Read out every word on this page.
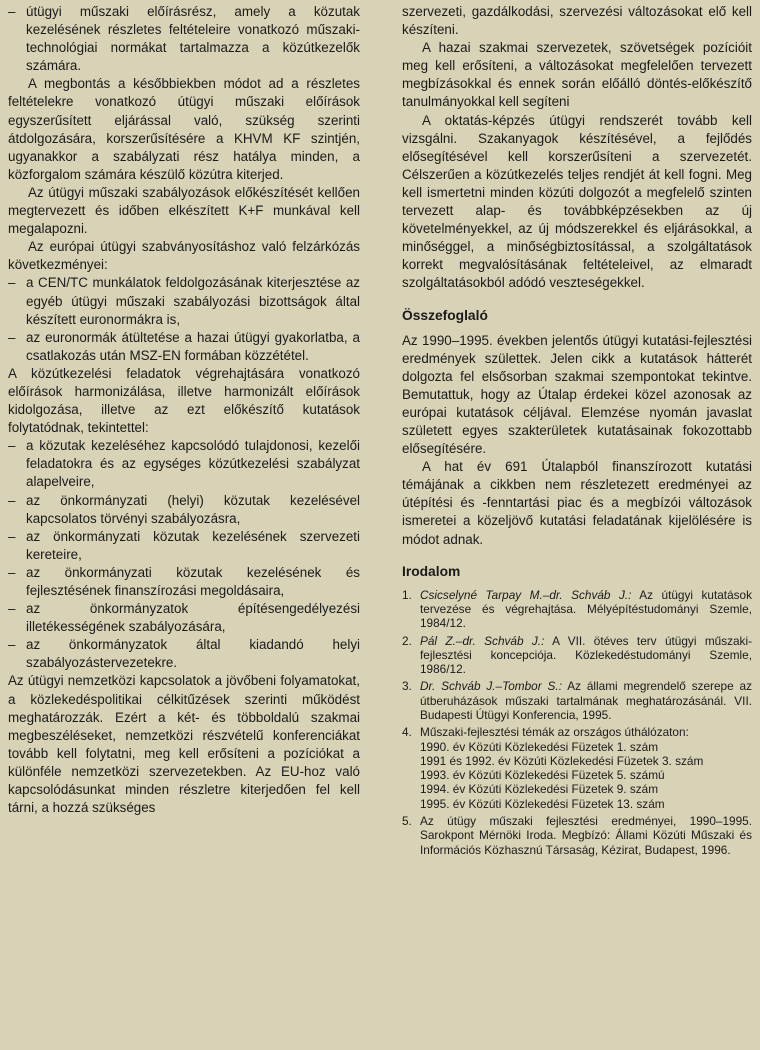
– útügyi műszaki előírásrész, amely a közutak kezelésének részletes feltételeire vonatkozó műszaki-technológiai normákat tartalmazza a közútkezelők számára.

A megbontás a későbbiekben módot ad a részletes feltételekre vonatkozó útügyi műszaki előírások egyszerűsített eljárással való, szükség szerinti átdolgozására, korszerűsítésére a KHVM KF szintjén, ugyanakkor a szabályzati rész hatálya minden, a közforgalom számára készülő közútra kiterjed.

Az útügyi műszaki szabályozások előkészítését kellően megtervezett és időben elkészített K+F munkával kell megalapozni.

Az európai útügyi szabványosításhoz való felzárkózás következményei:

– a CEN/TC munkálatok feldolgozásának kiterjesztése az egyéb útügyi műszaki szabályozási bizottságok által készített euronormákra is,

– az euronormák átültetése a hazai útügyi gyakorlatba, a csatlakozás után MSZ-EN formában közzététel.

A közútkezelési feladatok végrehajtására vonatkozó előírások harmonizálása, illetve harmonizált előírások kidolgozása, illetve az ezt előkészítő kutatások folytatódnak, tekintettel:

– a közutak kezeléséhez kapcsolódó tulajdonosi, kezelői feladatokra és az egységes közútkezelési szabályzat alapelveire,

– az önkormányzati (helyi) közutak kezelésével kapcsolatos törvényi szabályozásra,

– az önkormányzati közutak kezelésének szervezeti kereteire,

– az önkormányzati közutak kezelésének és fejlesztésének finanszírozási megoldásaira,

– az önkormányzatok építésengedélyezési illetékességének szabályozására,

– az önkormányzatok által kiadandó helyi szabályozástervezetekre.

Az útügyi nemzetközi kapcsolatok a jövőbeni folyamatokat, a közlekedéspolitikai célkitűzések szerinti működést meghatározzák. Ezért a két- és többoldalú szakmai megbeszéléseket, nemzetközi részvételű konferenciákat tovább kell folytatni, meg kell erősíteni a pozíciókat a különféle nemzetközi szervezetekben. Az EU-hoz való kapcsolódásunkat minden részletre kiterjedően fel kell tárni, a hozzá szükséges

szervezeti, gazdálkodási, szervezési változásokat elő kell készíteni.

A hazai szakmai szervezetek, szövetségek pozícióit meg kell erősíteni, a változásokat megfelelően tervezett megbízásokkal és ennek során előálló döntés-előkészítő tanulmányokkal kell segíteni

A oktatás-képzés útügyi rendszerét tovább kell vizsgálni. Szakanyagok készítésével, a fejlődés elősegítésével kell korszerűsíteni a szervezetét. Célszerűen a közútkezelés teljes rendjét át kell fogni. Meg kell ismertetni minden közúti dolgozót a megfelelő szinten tervezett alap- és továbbképzésekben az új követelményekkel, az új módszerekkel és eljárásokkal, a minőséggel, a minőségbiztosítással, a szolgáltatások korrekt megvalósításának feltételeivel, az elmaradt szolgáltatásokból adódó veszteségekkel.

Összefoglaló

Az 1990–1995. években jelentős útügyi kutatási-fejlesztési eredmények születtek. Jelen cikk a kutatások hátterét dolgozta fel elsősorban szakmai szempontokat tekintve. Bemutattuk, hogy az Útalap érdekei közel azonosak az európai kutatások céljával. Elemzése nyomán javaslat született egyes szakterületek kutatásainak fokozottabb elősegítésére.

A hat év 691 Útalapból finanszírozott kutatási témájának a cikkben nem részletezett eredményei az útépítési és -fenntartási piac és a megbízói változások ismeretei a közeljövő kutatási feladatának kijelölésére is módot adnak.

Irodalom
1. Csicselyné Tarpay M.–dr. Schváb J.: Az útügyi kutatások tervezése és végrehajtása. Mélyépítéstudományi Szemle, 1984/12.
2. Pál Z.–dr. Schváb J.: A VII. ötéves terv útügyi műszaki-fejlesztési koncepciója. Közlekedéstudományi Szemle, 1986/12.
3. Dr. Schváb J.–Tombor S.: Az állami megrendelő szerepe az útberuházások műszaki tartalmának meghatározásánál. VII. Budapesti Útügyi Konferencia, 1995.
4. Műszaki-fejlesztési témák az országos úthálózaton:
1990. év Közúti Közlekedési Füzetek 1. szám
1991 és 1992. év Közúti Közlekedési Füzetek 3. szám
1993. év Közúti Közlekedési Füzetek 5. számú
1994. év Közúti Közlekedési Füzetek 9. szám
1995. év Közúti Közlekedési Füzetek 13. szám
5. Az útügy műszaki fejlesztési eredményei, 1990–1995. Sarokpont Mérnöki Iroda. Megbízó: Állami Közúti Műszaki és Információs Közhasznú Társaság, Kézirat, Budapest, 1996.
